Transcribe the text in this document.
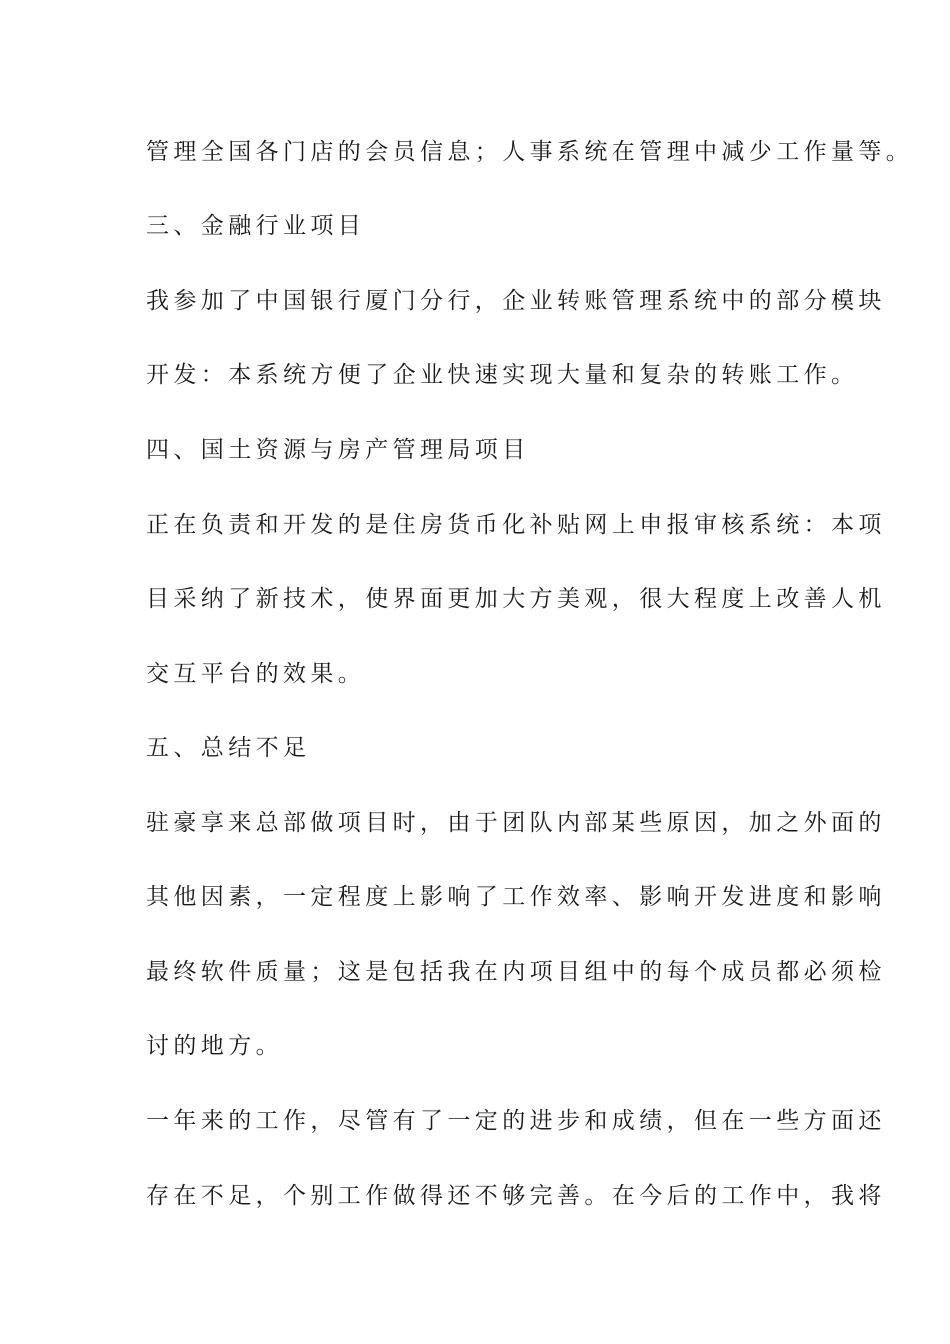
管理全国各门店的会员信息；人事系统在管理中减少工作量等。
三、金融行业项目
我参加了中国银行厦门分行，企业转账管理系统中的部分模块
开发：本系统方便了企业快速实现大量和复杂的转账工作。
四、国土资源与房产管理局项目
正在负责和开发的是住房货币化补贴网上申报审核系统：本项
目采纳了新技术，使界面更加大方美观，很大程度上改善人机
交互平台的效果。
五、总结不足
驻豪享来总部做项目时，由于团队内部某些原因，加之外面的
其他因素，一定程度上影响了工作效率、影响开发进度和影响
最终软件质量；这是包括我在内项目组中的每个成员都必须检
讨的地方。
一年来的工作，尽管有了一定的进步和成绩，但在一些方面还
存在不足，个别工作做得还不够完善。在今后的工作中，我将
